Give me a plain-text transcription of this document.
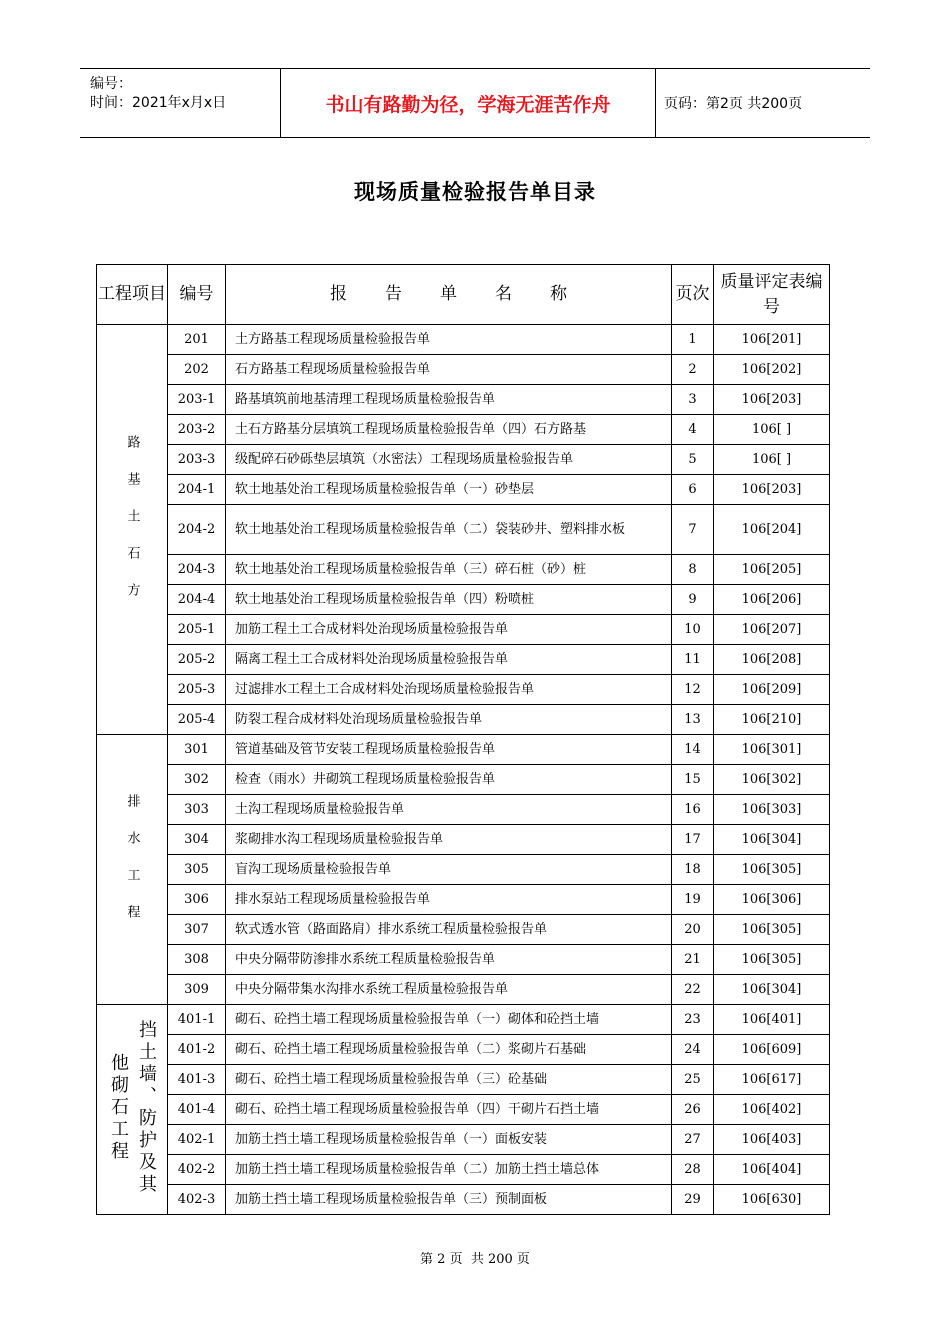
编号：
时间：2021年x月x日	书山有路勤为径，学海无涯苦作舟	页码：第2页 共200页
现场质量检验报告单目录
工程项目	编号	报告单名称	页次	质量评定表编号
路基土石方	201	土方路基工程现场质量检验报告单	1	106[201]
	202	石方路基工程现场质量检验报告单	2	106[202]
	203-1	路基填筑前地基清理工程现场质量检验报告单	3	106[203]
	203-2	土石方路基分层填筑工程现场质量检验报告单（四）石方路基	4	106[ ]
	203-3	级配碎石砂砾垫层填筑（水密法）工程现场质量检验报告单	5	106[ ]
	204-1	软土地基处治工程现场质量检验报告单（一）砂垫层	6	106[203]
	204-2	软土地基处治工程现场质量检验报告单（二）袋装砂井、塑料排水板	7	106[204]
	204-3	软土地基处治工程现场质量检验报告单（三）碎石桩（砂）桩	8	106[205]
	204-4	软土地基处治工程现场质量检验报告单（四）粉喷桩	9	106[206]
	205-1	加筋工程土工合成材料处治现场质量检验报告单	10	106[207]
	205-2	隔离工程土工合成材料处治现场质量检验报告单	11	106[208]
	205-3	过滤排水工程土工合成材料处治现场质量检验报告单	12	106[209]
	205-4	防裂工程合成材料处治现场质量检验报告单	13	106[210]
排水工程	301	管道基础及管节安装工程现场质量检验报告单	14	106[301]
	302	检查（雨水）井砌筑工程现场质量检验报告单	15	106[302]
	303	土沟工程现场质量检验报告单	16	106[303]
	304	浆砌排水沟工程现场质量检验报告单	17	106[304]
	305	盲沟工现场质量检验报告单	18	106[305]
	306	排水泵站工程现场质量检验报告单	19	106[306]
	307	软式透水管（路面路肩）排水系统工程质量检验报告单	20	106[305]
	308	中央分隔带防渗排水系统工程质量检验报告单	21	106[305]
	309	中央分隔带集水沟排水系统工程质量检验报告单	22	106[304]
挡土墙、防护及其他砌石工程	401-1	砌石、砼挡土墙工程现场质量检验报告单（一）砌体和砼挡土墙	23	106[401]
	401-2	砌石、砼挡土墙工程现场质量检验报告单（二）浆砌片石基础	24	106[609]
	401-3	砌石、砼挡土墙工程现场质量检验报告单（三）砼基础	25	106[617]
	401-4	砌石、砼挡土墙工程现场质量检验报告单（四）干砌片石挡土墙	26	106[402]
	402-1	加筋土挡土墙工程现场质量检验报告单（一）面板安装	27	106[403]
	402-2	加筋土挡土墙工程现场质量检验报告单（二）加筋土挡土墙总体	28	106[404]
	402-3	加筋土挡土墙工程现场质量检验报告单（三）预制面板	29	106[630]
第 2 页  共 200 页
